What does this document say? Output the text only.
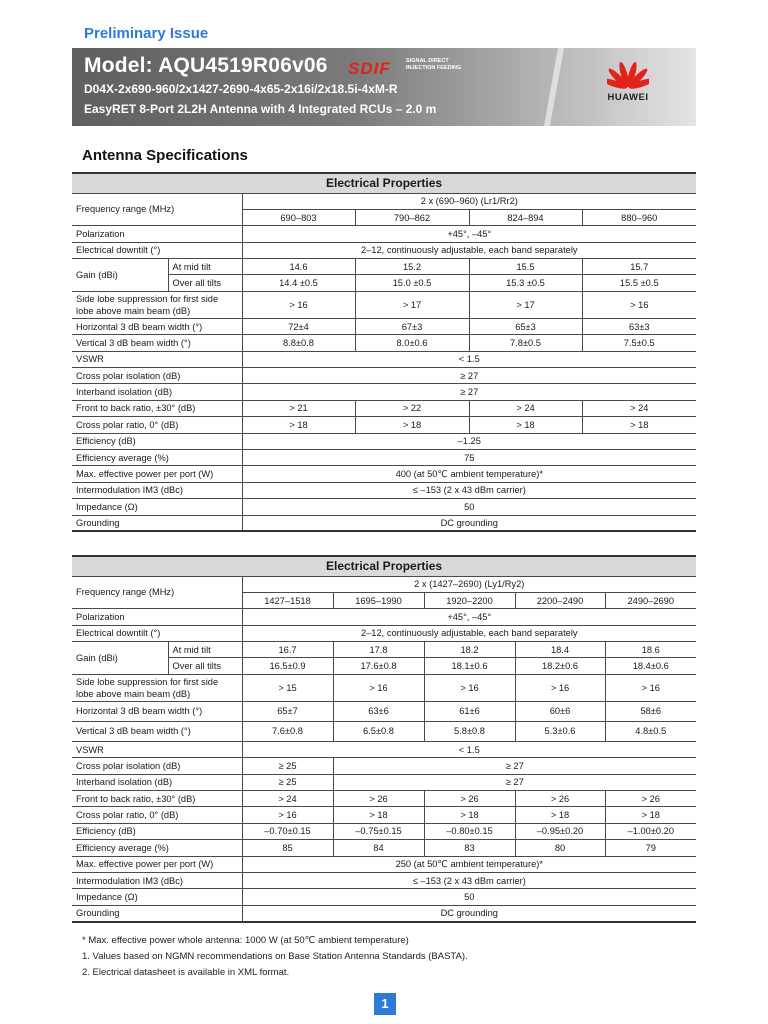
Preliminary Issue
Model: AQU4519R06v06 SDIF	SIGNAL DIRECT INJECTION FEEDING
D04X-2x690-960/2x1427-2690-4x65-2x16i/2x18.5i-4xM-R
EasyRET 8-Port 2L2H Antenna with 4 Integrated RCUs – 2.0 m
HUAWEI
Antenna Specifications
Electrical Properties					
Frequency range (MHz)		2 x (690–960) (Lr1/Rr2)			
		690–803	790–862	824–894	880–960
Polarization		+45°, –45°			
Electrical downtilt (°)		2–12, continuously adjustable, each band separately			
Gain (dBi)	At mid tilt	14.6	15.2	15.5	15.7
	Over all tilts	14.4 ±0.5	15.0 ±0.5	15.3 ±0.5	15.5 ±0.5
Side lobe suppression for first side lobe above main beam (dB)		> 16	> 17	> 17	> 16
Horizontal 3 dB beam width (°)		72±4	67±3	65±3	63±3
Vertical 3 dB beam width (°)		8.8±0.8	8.0±0.6	7.8±0.5	7.5±0.5
VSWR		< 1.5			
Cross polar isolation (dB)		≥ 27			
Interband isolation (dB)		≥ 27			
Front to back ratio, ±30° (dB)		> 21	> 22	> 24	> 24
Cross polar ratio, 0° (dB)		> 18	> 18	> 18	> 18
Efficiency (dB)		–1.25			
Efficiency average (%)		75			
Max. effective power per port (W)		400 (at 50℃ ambient temperature)*			
Intermodulation IM3 (dBc)		≤ –153 (2 x 43 dBm carrier)			
Impedance (Ω)		50			
Grounding		DC grounding			
Electrical Properties						
Frequency range (MHz)		2 x (1427–2690) (Ly1/Ry2)				
		1427–1518	1695–1990	1920–2200	2200–2490	2490–2690
Polarization		+45°, –45°				
Electrical downtilt (°)		2–12, continuously adjustable, each band separately				
Gain (dBi)	At mid tilt	16.7	17.8	18.2	18.4	18.6
	Over all tilts	16.5±0.9	17.6±0.8	18.1±0.6	18.2±0.6	18.4±0.6
Side lobe suppression for first side lobe above main beam (dB)		> 15	> 16	> 16	> 16	> 16
Horizontal 3 dB beam width (°)		65±7	63±6	61±6	60±6	58±6
Vertical 3 dB beam width (°)		7.6±0.8	6.5±0.8	5.8±0.8	5.3±0.6	4.8±0.5
VSWR		< 1.5				
Cross polar isolation (dB)		≥ 25	≥ 27			
Interband isolation (dB)		≥ 25	≥ 27			
Front to back ratio, ±30° (dB)		> 24	> 26	> 26	> 26	> 26
Cross polar ratio, 0° (dB)		> 16	> 18	> 18	> 18	> 18
Efficiency (dB)		–0.70±0.15	–0.75±0.15	–0.80±0.15	–0.95±0.20	–1.00±0.20
Efficiency average (%)		85	84	83	80	79
Max. effective power per port (W)		250 (at 50℃ ambient temperature)*				
Intermodulation IM3 (dBc)		≤ –153 (2 x 43 dBm carrier)				
Impedance (Ω)		50				
Grounding		DC grounding				
* Max. effective power whole antenna: 1000 W (at 50℃ ambient temperature)
1. Values based on NGMN recommendations on Base Station Antenna Standards (BASTA).
2. Electrical datasheet is available in XML format.
1
